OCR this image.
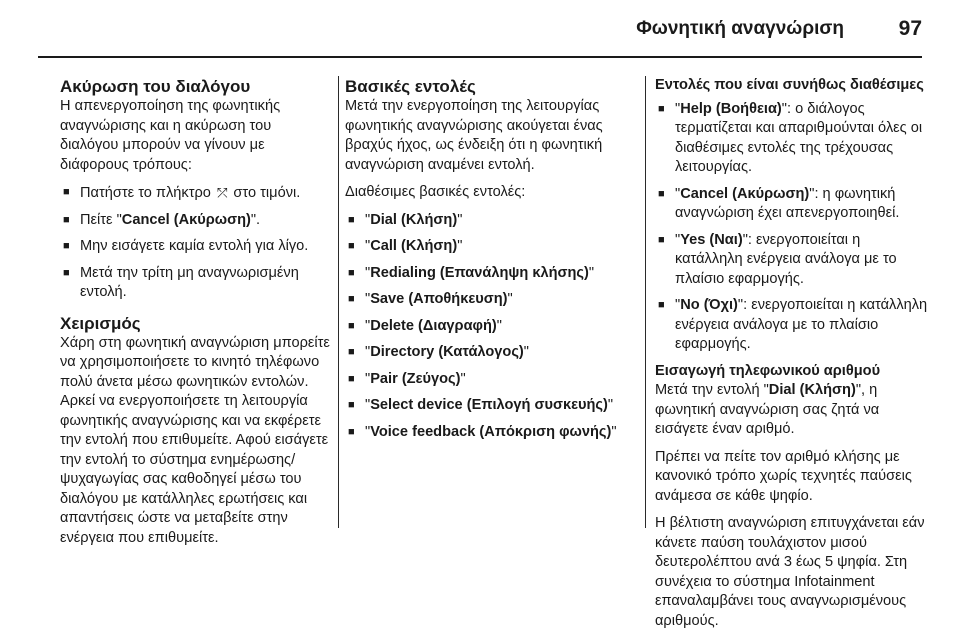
Φωνητική αναγνώριση	97
Ακύρωση του διαλόγου

Η απενεργοποίηση της φωνητικής αναγνώρισης και η ακύρωση του διαλόγου μπορούν να γίνουν με διάφορους τρόπους:

■ Πατήστε το πλήκτρο ⤱ στο τιμόνι.
■ Πείτε "Cancel (Ακύρωση)".
■ Μην εισάγετε καμία εντολή για λίγο.
■ Μετά την τρίτη μη αναγνωρισμένη εντολή.
Χειρισμός

Χάρη στη φωνητική αναγνώριση μπορείτε να χρησιμοποιήσετε το κινητό τηλέφωνο πολύ άνετα μέσω φωνητικών εντολών. Αρκεί να ενεργοποιήσετε τη λειτουργία φωνητικής αναγνώρισης και να εκφέρετε την εντολή που επιθυμείτε. Αφού εισάγετε την εντολή το σύστημα ενημέρωσης/ψυχαγωγίας σας καθοδηγεί μέσω του διαλόγου με κατάλληλες ερωτήσεις και απαντήσεις ώστε να μεταβείτε στην ενέργεια που επιθυμείτε.

Βασικές εντολές

Μετά την ενεργοποίηση της λειτουργίας φωνητικής αναγνώρισης ακούγεται ένας βραχύς ήχος, ως ένδειξη ότι η φωνητική αναγνώριση αναμένει εντολή.

Διαθέσιμες βασικές εντολές:

■ "Dial (Κλήση)"
■ "Call (Κλήση)"
■ "Redialing (Επανάληψη κλήσης)"
■ "Save (Αποθήκευση)"
■ "Delete (Διαγραφή)"
■ "Directory (Κατάλογος)"
■ "Pair (Ζεύγος)"
■ "Select device (Επιλογή συσκευής)"
■ "Voice feedback (Απόκριση φωνής)"
Εντολές που είναι συνήθως διαθέσιμες
■ "Help (Βοήθεια)": ο διάλογος τερματίζεται και απαριθμούνται όλες οι διαθέσιμες εντολές της τρέχουσας λειτουργίας.
■ "Cancel (Ακύρωση)": η φωνητική αναγνώριση έχει απενεργοποιηθεί.
■ "Yes (Ναι)": ενεργοποιείται η κατάλληλη ενέργεια ανάλογα με το πλαίσιο εφαρμογής.
■ "No (Όχι)": ενεργοποιείται η κατάλληλη ενέργεια ανάλογα με το πλαίσιο εφαρμογής.
Εισαγωγή τηλεφωνικού αριθμού

Μετά την εντολή "Dial (Κλήση)", η φωνητική αναγνώριση σας ζητά να εισάγετε έναν αριθμό.

Πρέπει να πείτε τον αριθμό κλήσης με κανονικό τρόπο χωρίς τεχνητές παύσεις ανάμεσα σε κάθε ψηφίο.

Η βέλτιστη αναγνώριση επιτυγχάνεται εάν κάνετε παύση τουλάχιστον μισού δευτερολέπτου ανά 3 έως 5 ψηφία. Στη συνέχεια το σύστημα Infotainment επαναλαμβάνει τους αναγνωρισμένους αριθμούς.
